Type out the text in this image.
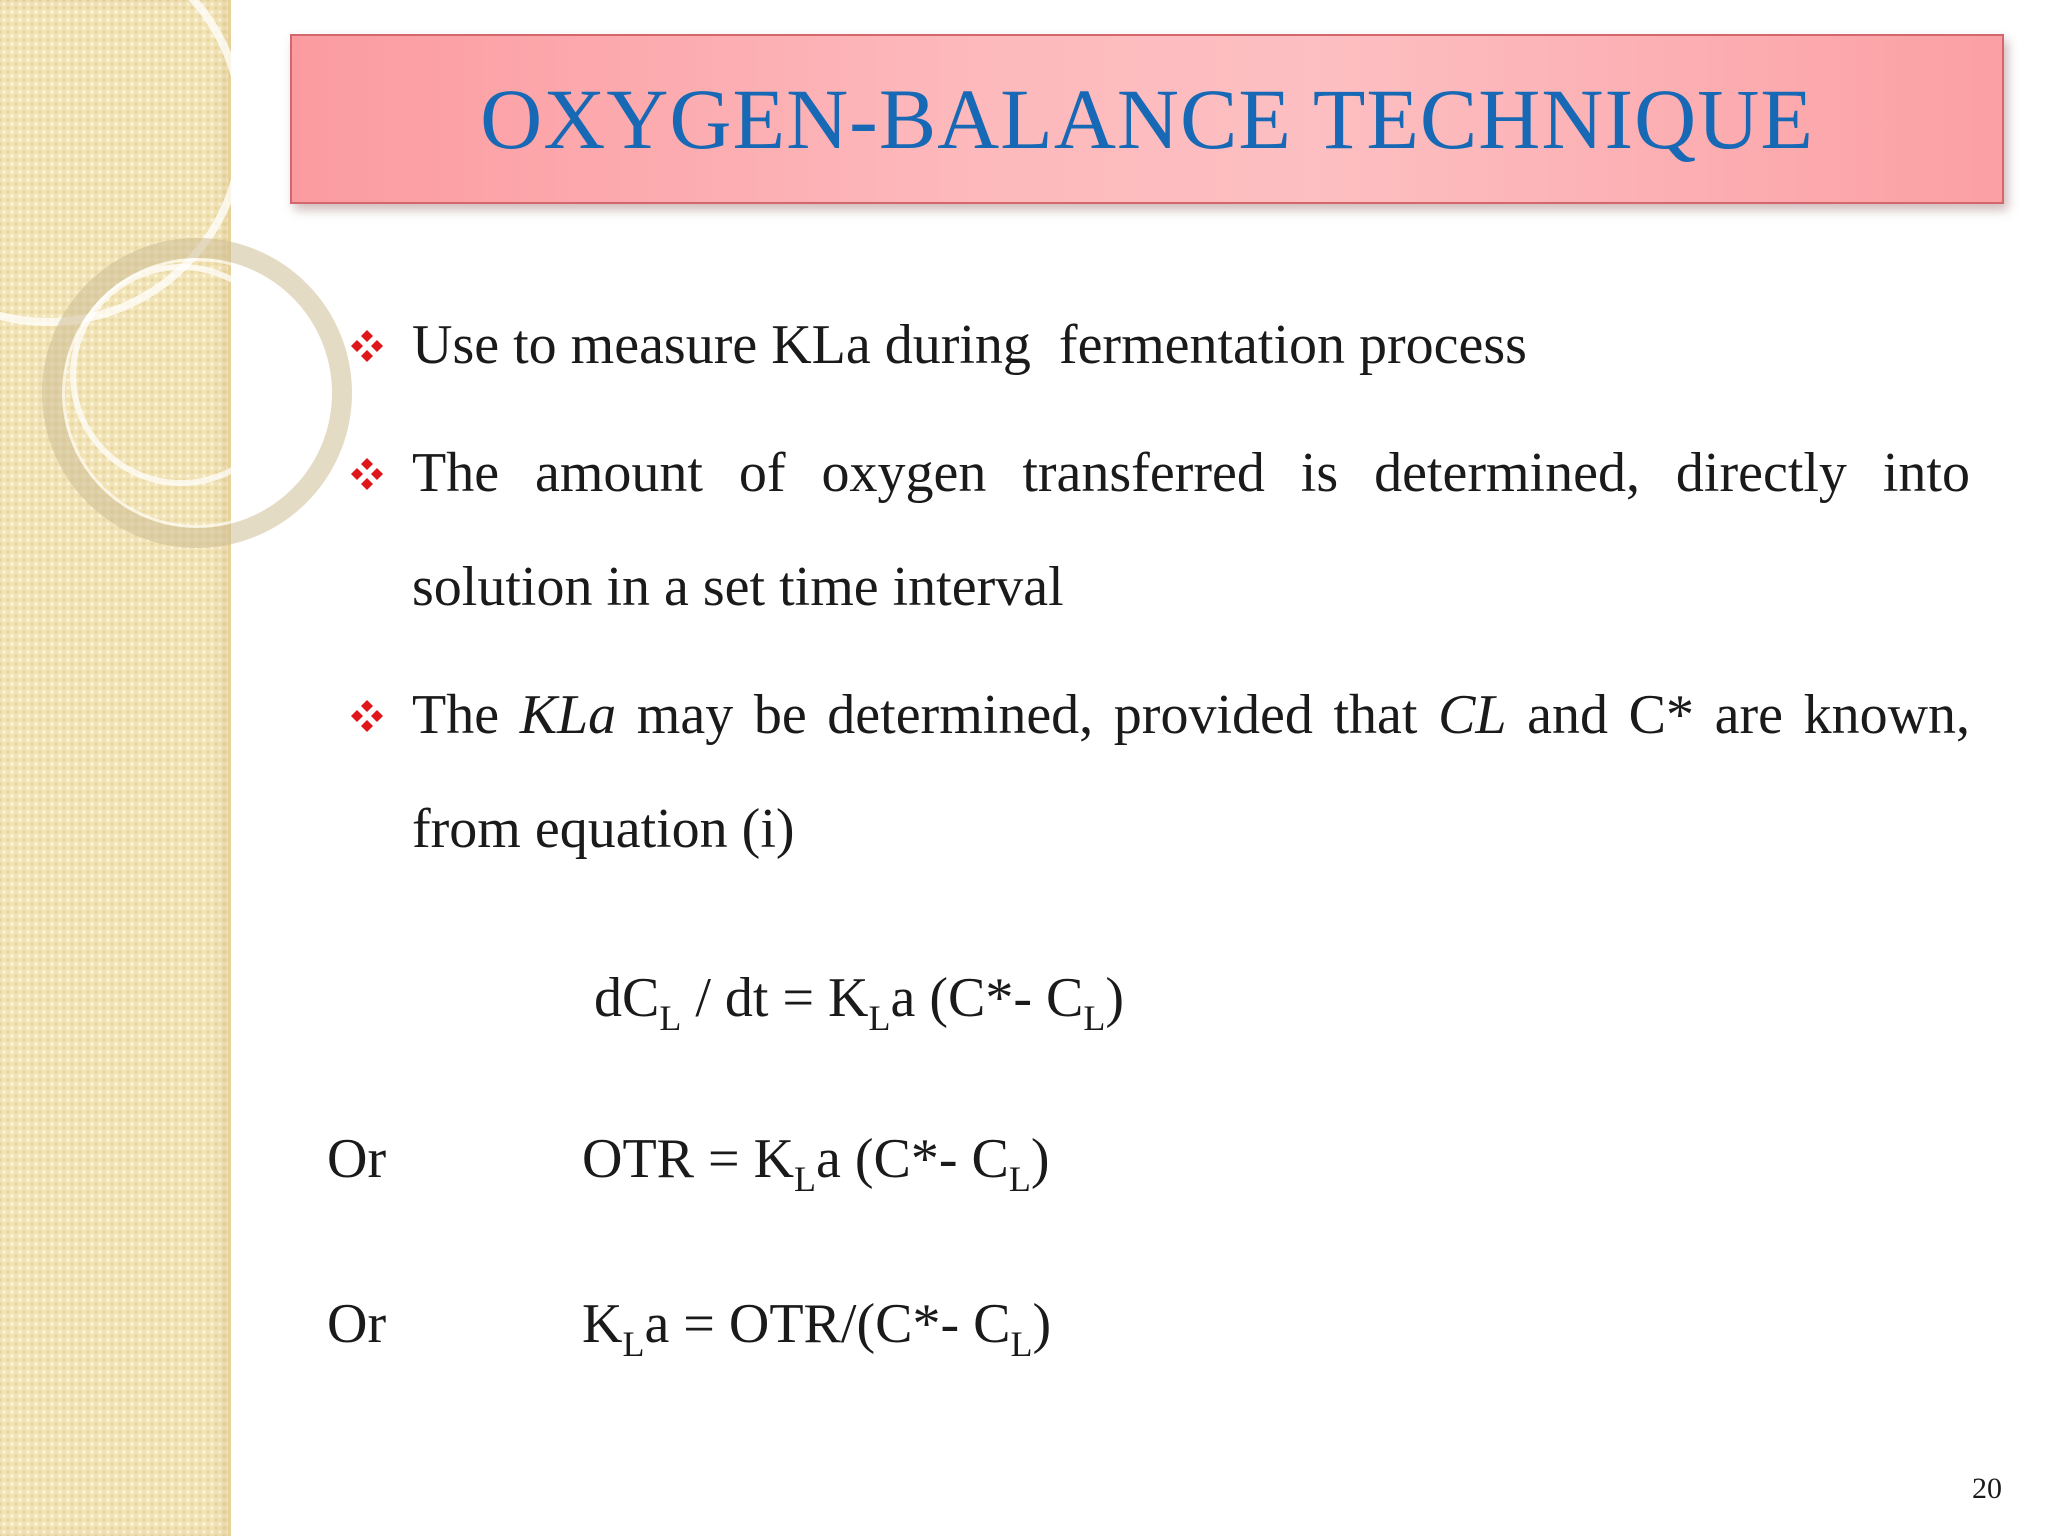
OXYGEN-BALANCE TECHNIQUE
Use to measure KLa during  fermentation process
The amount of oxygen transferred is determined, directly into solution in a set time interval
The KLa may be determined, provided that CL and C* are known, from equation (i)
$dC_L$ / dt = $K_La$ (C*- $C_L$)
Or	OTR = $K_La$ (C*- $C_L$)
Or	$K_La = OTR/(C*-$ $C_L$)
20
